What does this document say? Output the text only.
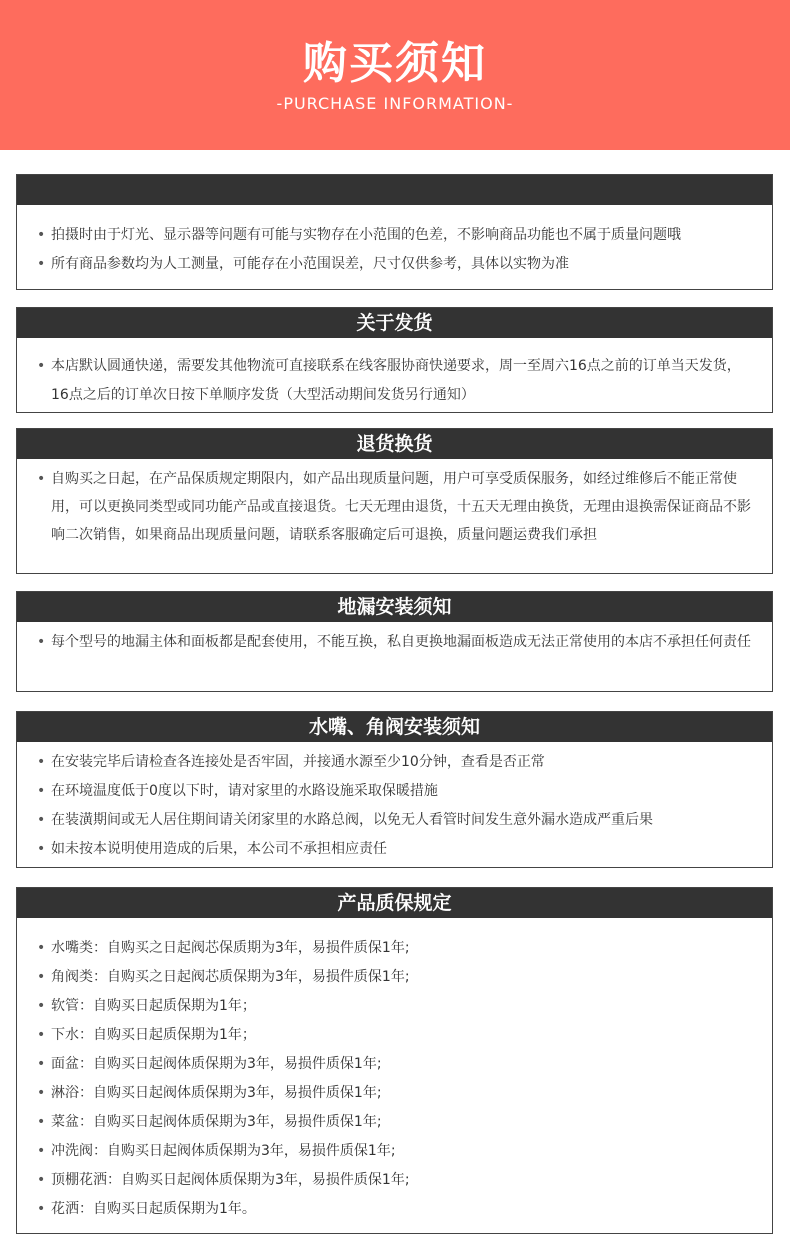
购买须知
-PURCHASE INFORMATION-
• 拍摄时由于灯光、显示器等问题有可能与实物存在小范围的色差，不影响商品功能也不属于质量问题哦
• 所有商品参数均为人工测量，可能存在小范围误差，尺寸仅供参考，具体以实物为准
关于发货
• 本店默认圆通快递，需要发其他物流可直接联系在线客服协商快递要求，周一至周六16点之前的订单当天发货，16点之后的订单次日按下单顺序发货（大型活动期间发货另行通知）
退货换货
• 自购买之日起，在产品保质规定期限内，如产品出现质量问题，用户可享受质保服务，如经过维修后不能正常使用，可以更换同类型或同功能产品或直接退货。七天无理由退货，十五天无理由换货，无理由退换需保证商品不影响二次销售，如果商品出现质量问题，请联系客服确定后可退换，质量问题运费我们承担
地漏安装须知
• 每个型号的地漏主体和面板都是配套使用，不能互换，私自更换地漏面板造成无法正常使用的本店不承担任何责任
水嘴、角阀安装须知
• 在安装完毕后请检查各连接处是否牢固，并接通水源至少10分钟，查看是否正常
• 在环境温度低于0度以下时，请对家里的水路设施采取保暖措施
• 在装潢期间或无人居住期间请关闭家里的水路总阀，以免无人看管时间发生意外漏水造成严重后果
• 如未按本说明使用造成的后果，本公司不承担相应责任
产品质保规定
• 水嘴类：自购买之日起阀芯保质期为3年，易损件质保1年;
• 角阀类：自购买之日起阀芯质保期为3年，易损件质保1年;
• 软管：自购买日起质保期为1年；
• 下水：自购买日起质保期为1年；
• 面盆：自购买日起阀体质保期为3年，易损件质保1年;
• 淋浴：自购买日起阀体质保期为3年，易损件质保1年;
• 菜盆：自购买日起阀体质保期为3年，易损件质保1年;
• 冲洗阀：自购买日起阀体质保期为3年，易损件质保1年;
• 顶棚花洒：自购买日起阀体质保期为3年，易损件质保1年;
• 花洒：自购买日起质保期为1年。
